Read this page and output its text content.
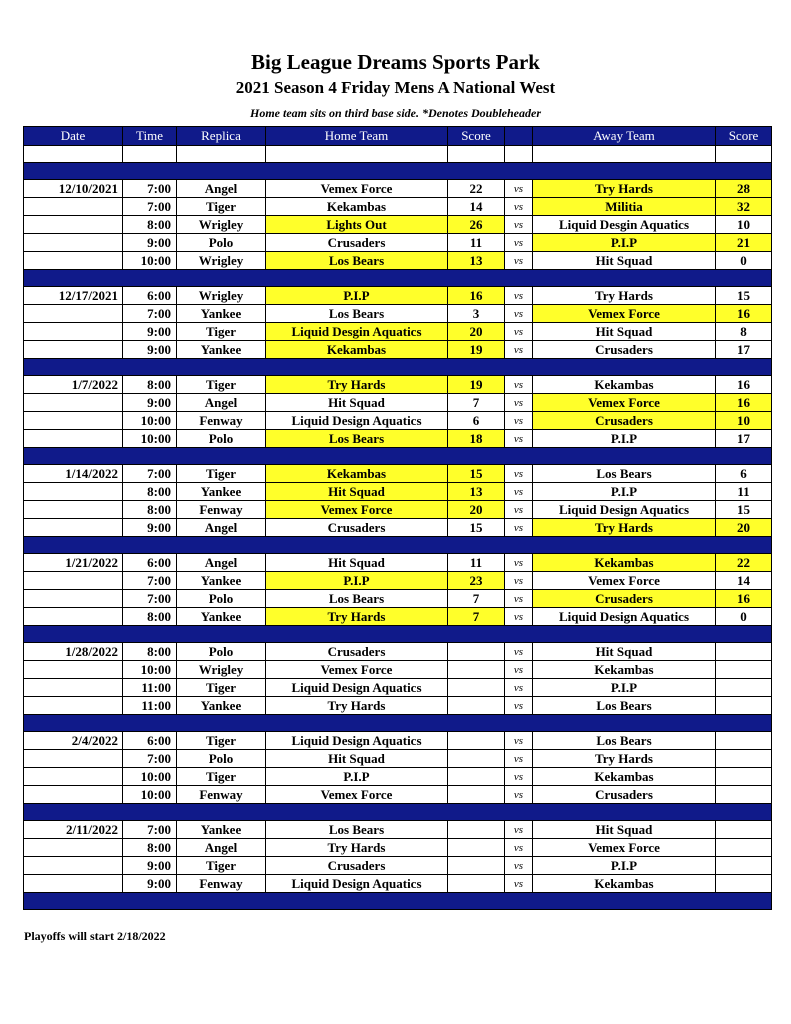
Big League Dreams Sports Park
2021 Season 4 Friday Mens A National West
Home team sits on third base side. *Denotes Doubleheader
Date	Time	Replica	Home Team	Score		Away Team	Score

12/10/2021	7:00	Angel	Vemex Force	22	vs	Try Hards	28
	7:00	Tiger	Kekambas	14	vs	Militia	32
	8:00	Wrigley	Lights Out	26	vs	Liquid Desgin Aquatics	10
	9:00	Polo	Crusaders	11	vs	P.I.P	21
	10:00	Wrigley	Los Bears	13	vs	Hit Squad	0

12/17/2021	6:00	Wrigley	P.I.P	16	vs	Try Hards	15
	7:00	Yankee	Los Bears	3	vs	Vemex Force	16
	9:00	Tiger	Liquid Desgin Aquatics	20	vs	Hit Squad	8
	9:00	Yankee	Kekambas	19	vs	Crusaders	17

1/7/2022	8:00	Tiger	Try Hards	19	vs	Kekambas	16
	9:00	Angel	Hit Squad	7	vs	Vemex Force	16
	10:00	Fenway	Liquid Design Aquatics	6	vs	Crusaders	10
	10:00	Polo	Los Bears	18	vs	P.I.P	17

1/14/2022	7:00	Tiger	Kekambas	15	vs	Los Bears	6
	8:00	Yankee	Hit Squad	13	vs	P.I.P	11
	8:00	Fenway	Vemex Force	20	vs	Liquid Design Aquatics	15
	9:00	Angel	Crusaders	15	vs	Try Hards	20

1/21/2022	6:00	Angel	Hit Squad	11	vs	Kekambas	22
	7:00	Yankee	P.I.P	23	vs	Vemex Force	14
	7:00	Polo	Los Bears	7	vs	Crusaders	16
	8:00	Yankee	Try Hards	7	vs	Liquid Design Aquatics	0

1/28/2022	8:00	Polo	Crusaders		vs	Hit Squad	
	10:00	Wrigley	Vemex Force		vs	Kekambas	
	11:00	Tiger	Liquid Design Aquatics		vs	P.I.P	
	11:00	Yankee	Try Hards		vs	Los Bears	

2/4/2022	6:00	Tiger	Liquid Design Aquatics		vs	Los Bears	
	7:00	Polo	Hit Squad		vs	Try Hards	
	10:00	Tiger	P.I.P		vs	Kekambas	
	10:00	Fenway	Vemex Force		vs	Crusaders	

2/11/2022	7:00	Yankee	Los Bears		vs	Hit Squad	
	8:00	Angel	Try Hards		vs	Vemex Force	
	9:00	Tiger	Crusaders		vs	P.I.P	
	9:00	Fenway	Liquid Design Aquatics		vs	Kekambas	

Playoffs will start 2/18/2022
